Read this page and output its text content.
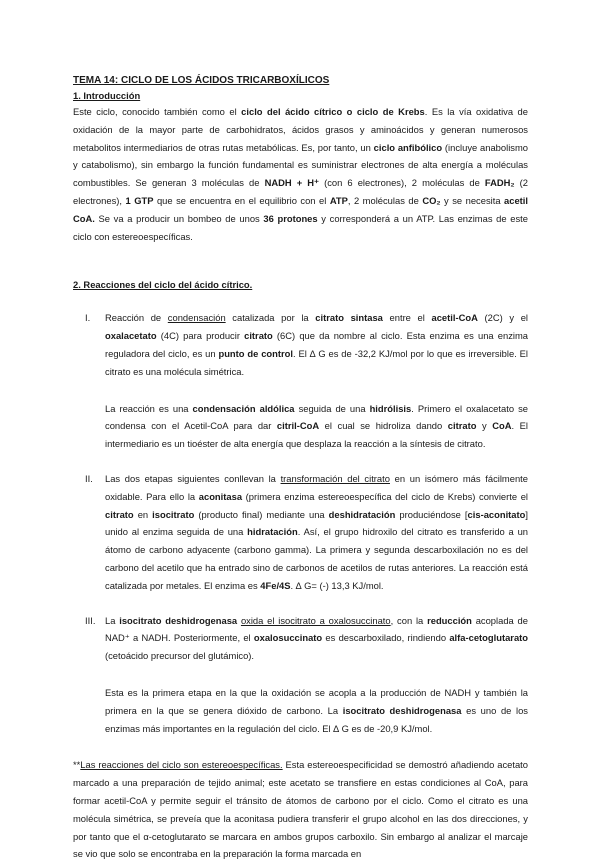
TEMA 14: CICLO DE LOS ÁCIDOS TRICARBOXÍLICOS

1. Introducción

Este ciclo, conocido también como el ciclo del ácido cítrico o ciclo de Krebs. Es la vía oxidativa de oxidación de la mayor parte de carbohidratos, ácidos grasos y aminoácidos y generan numerosos metabolitos intermediarios de otras rutas metabólicas. Es, por tanto, un ciclo anfibólico (incluye anabolismo y catabolismo), sin embargo la función fundamental es suministrar electrones de alta energía a moléculas combustibles. Se generan 3 moléculas de NADH + H⁺ (con 6 electrones), 2 moléculas de FADH₂ (2 electrones), 1 GTP que se encuentra en el equilibrio con el ATP, 2 moléculas de CO₂ y se necesita acetil CoA. Se va a producir un bombeo de unos 36 protones y corresponderá a un ATP. Las enzimas de este ciclo con estereoespecíficas.

2. Reacciones del ciclo del ácido cítrico.

I. Reacción de condensación catalizada por la citrato sintasa entre el acetil-CoA (2C) y el oxalacetato (4C) para producir citrato (6C) que da nombre al ciclo. Esta enzima es una enzima reguladora del ciclo, es un punto de control. El ∆ G es de -32,2 KJ/mol por lo que es irreversible. El citrato es una molécula simétrica.

La reacción es una condensación aldólica seguida de una hidrólisis. Primero el oxalacetato se condensa con el Acetil-CoA para dar citril-CoA el cual se hidroliza dando citrato y CoA. El intermediario es un tioéster de alta energía que desplaza la reacción a la síntesis de citrato.

II. Las dos etapas siguientes conllevan la transformación del citrato en un isómero más fácilmente oxidable. Para ello la aconitasa (primera enzima estereoespecífica del ciclo de Krebs) convierte el citrato en isocitrato (producto final) mediante una deshidratación produciéndose [cis-aconitato] unido al enzima seguida de una hidratación. Así, el grupo hidroxilo del citrato es transferido a un átomo de carbono adyacente (carbono gamma). La primera y segunda descarboxilación no es del carbono del acetilo que ha entrado sino de carbonos de acetilos de rutas anteriores. La reacción está catalizada por metales. El enzima es 4Fe/4S. ∆ G= (-) 13,3 KJ/mol.

III. La isocitrato deshidrogenasa oxida el isocitrato a oxalosuccinato, con la reducción acoplada de NAD⁺ a NADH. Posteriormente, el oxalosuccinato es descarboxilado, rindiendo alfa-cetoglutarato (cetoácido precursor del glutámico).

Esta es la primera etapa en la que la oxidación se acopla a la producción de NADH y también la primera en la que se genera dióxido de carbono. La isocitrato deshidrogenasa es uno de los enzimas más importantes en la regulación del ciclo. El ∆ G es de -20,9 KJ/mol.

**Las reacciones del ciclo son estereoespecíficas. Esta estereoespecificidad se demostró añadiendo acetato marcado a una preparación de tejido animal; este acetato se transfiere en estas condiciones al CoA, para formar acetil-CoA y permite seguir el tránsito de átomos de carbono por el ciclo. Como el citrato es una molécula simétrica, se preveía que la aconitasa pudiera transferir el grupo alcohol en las dos direcciones, y por tanto que el α-cetoglutarato se marcara en ambos grupos carboxilo. Sin embargo al analizar el marcaje se vio que solo se encontraba en la preparación la forma marcada en
